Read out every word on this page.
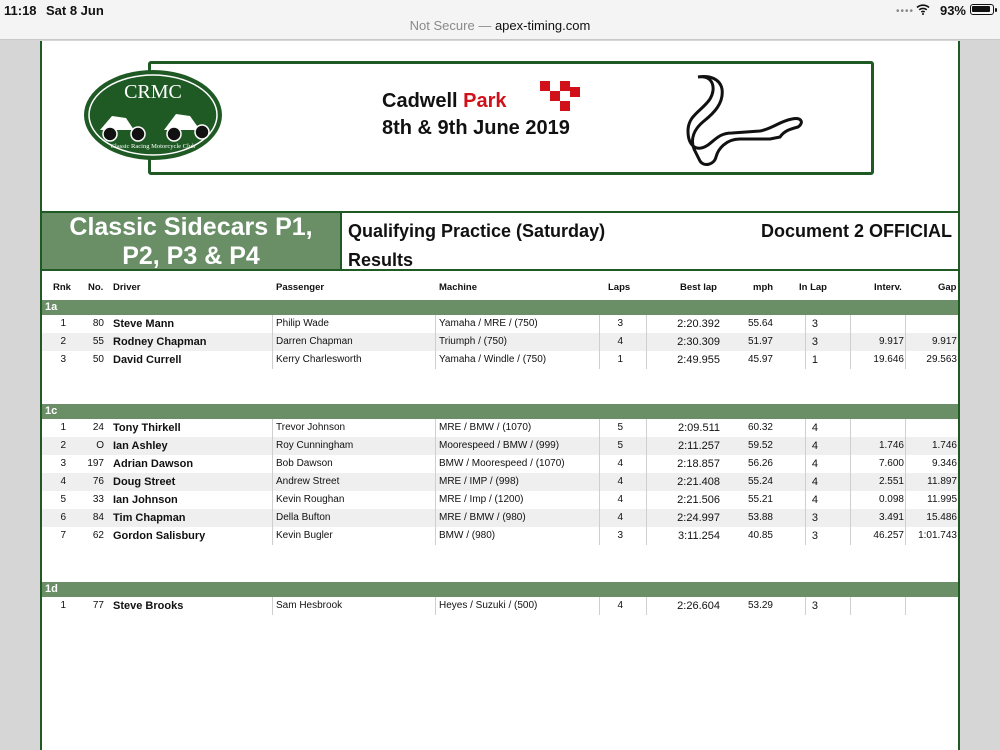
11:18 Sat 8 Jun	•••• 93%
Not Secure — apex-timing.com
CRMC
Classic Racing Motorcycle Club
Cadwell Park
8th & 9th June 2019
Classic Sidecars P1,
P2, P3 & P4
Qualifying Practice (Saturday)
Results
Document 2 OFFICIAL
Rnk No. Driver	Passenger	Machine	Laps	Best lap	mph	In Lap	Interv.	Gap
1a
1	80 Steve Mann	Philip Wade	Yamaha / MRE / (750)	3	2:20.392	55.64	3
2	55 Rodney Chapman	Darren Chapman	Triumph / (750)	4	2:30.309	51.97	3	9.917	9.917
3	50 David Currell	Kerry Charlesworth	Yamaha / Windle / (750)	1	2:49.955	45.97	1	19.646 29.563
1c
1	24 Tony Thirkell	Trevor Johnson	MRE / BMW / (1070)	5	2:09.511	60.32	4
2	O Ian Ashley	Roy Cunningham	Moorespeed / BMW / (999)	5	2:11.257	59.52	4	1.746	1.746
3 197 Adrian Dawson	Bob Dawson	BMW / Moorespeed / (1070)	4	2:18.857	56.26	4	7.600	9.346
4	76 Doug Street	Andrew Street	MRE / IMP / (998)	4	2:21.408	55.24	4	2.551 11.897
5	33 Ian Johnson	Kevin Roughan	MRE / Imp / (1200)	4	2:21.506	55.21	4	0.098 11.995
6	84 Tim Chapman	Della Bufton	MRE / BMW / (980)	4	2:24.997	53.88	3	3.491 15.486
7	62 Gordon Salisbury	Kevin Bugler	BMW / (980)	3	3:11.254	40.85	3	46.257 1:01.743
1d
1	77 Steve Brooks	Sam Hesbrook	Heyes / Suzuki / (500)	4	2:26.604	53.29	3
